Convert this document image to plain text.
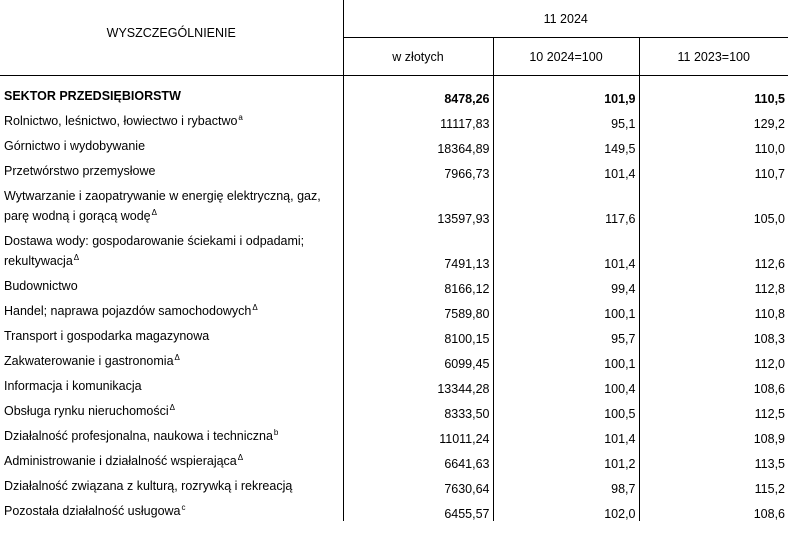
WYSZCZEGÓLNIENIE	11 2024		
	w złotych	10 2024=100	11 2023=100

SEKTOR PRZEDSIĘBIORSTW	8478,26	101,9	110,5
Rolnictwo, leśnictwo, łowiectwo i rybactwo$^a$	11117,83	95,1	129,2
Górnictwo i wydobywanie	18364,89	149,5	110,0
Przetwórstwo przemysłowe	7966,73	101,4	110,7
Wytwarzanie i zaopatrywanie w energię elektryczną, gaz,
parę wodną i gorącą wodę$^\Delta$	13597,93	117,6	105,0
Dostawa wody: gospodarowanie ściekami i odpadami;
rekultywacja$^\Delta$	7491,13	101,4	112,6
Budownictwo	8166,12	99,4	112,8
Handel; naprawa pojazdów samochodowych$^\Delta$	7589,80	100,1	110,8
Transport i gospodarka magazynowa	8100,15	95,7	108,3
Zakwaterowanie i gastronomia$^\Delta$	6099,45	100,1	112,0
Informacja i komunikacja	13344,28	100,4	108,6
Obsługa rynku nieruchomości$^\Delta$	8333,50	100,5	112,5
Działalność profesjonalna, naukowa i techniczna$^b$	11011,24	101,4	108,9
Administrowanie i działalność wspierająca$^\Delta$	6641,63	101,2	113,5
Działalność związana z kulturą, rozrywką i rekreacją	7630,64	98,7	115,2
Pozostała działalność usługowa$^c$	6455,57	102,0	108,6
